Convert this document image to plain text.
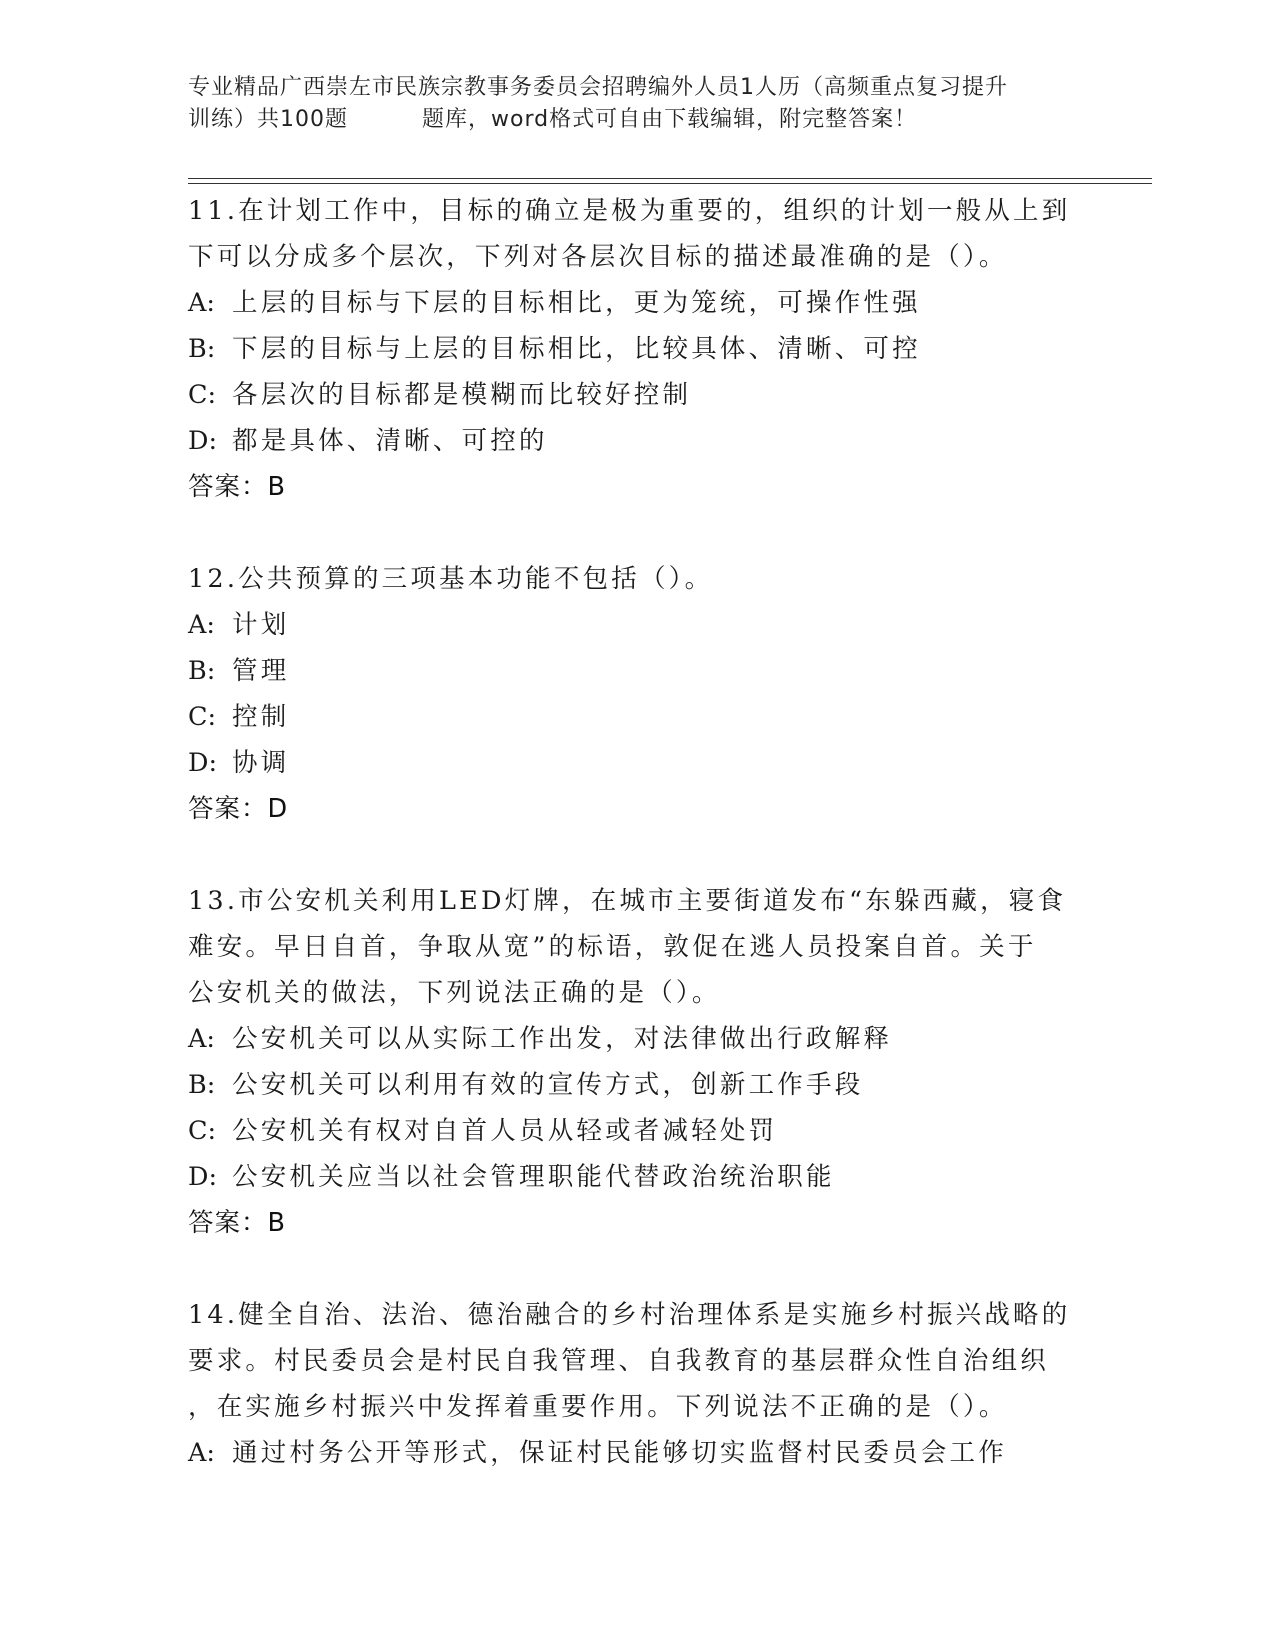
专业精品广西崇左市民族宗教事务委员会招聘编外人员1人历（高频重点复习提升
训练）共100题	题库，word格式可自由下载编辑，附完整答案！
11.在计划工作中，目标的确立是极为重要的，组织的计划一般从上到
下可以分成多个层次，下列对各层次目标的描述最准确的是（）。
A: 上层的目标与下层的目标相比，更为笼统，可操作性强
B: 下层的目标与上层的目标相比，比较具体、清晰、可控
C: 各层次的目标都是模糊而比较好控制
D: 都是具体、清晰、可控的
答案：B
12.公共预算的三项基本功能不包括（）。
A: 计划
B: 管理
C: 控制
D: 协调
答案：D
13.市公安机关利用LED灯牌，在城市主要街道发布“东躲西藏，寝食
难安。早日自首，争取从宽”的标语，敦促在逃人员投案自首。关于
公安机关的做法，下列说法正确的是（）。
A: 公安机关可以从实际工作出发，对法律做出行政解释
B: 公安机关可以利用有效的宣传方式，创新工作手段
C: 公安机关有权对自首人员从轻或者减轻处罚
D: 公安机关应当以社会管理职能代替政治统治职能
答案：B
14.健全自治、法治、德治融合的乡村治理体系是实施乡村振兴战略的
要求。村民委员会是村民自我管理、自我教育的基层群众性自治组织
，在实施乡村振兴中发挥着重要作用。下列说法不正确的是（）。
A: 通过村务公开等形式，保证村民能够切实监督村民委员会工作
